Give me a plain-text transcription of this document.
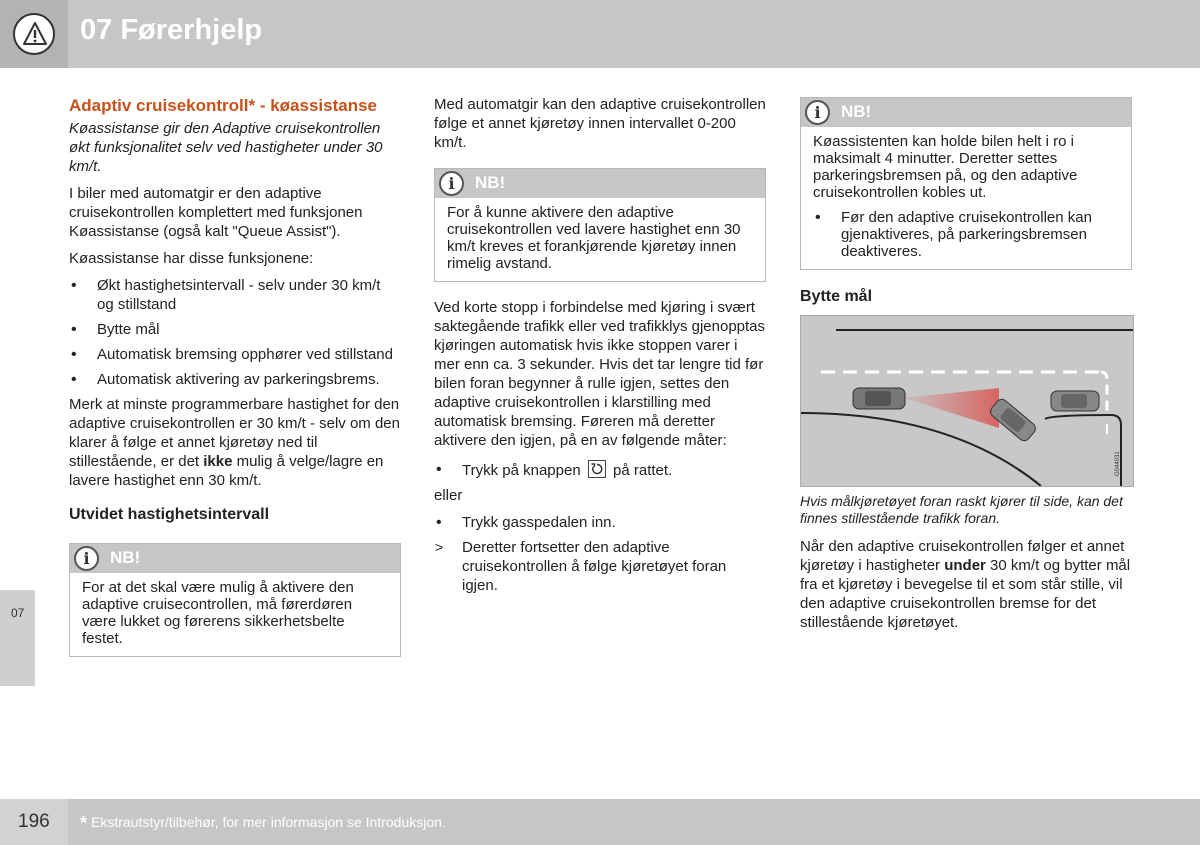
07 Førerhjelp
07
Adaptiv cruisekontroll* - køassistanse

Køassistanse gir den Adaptive cruisekontrollen økt funksjonalitet selv ved hastigheter under 30 km/t.

I biler med automatgir er den adaptive cruisekontrollen komplettert med funksjonen Køassistanse (også kalt "Queue Assist").

Køassistanse har disse funksjonene:

• Økt hastighetsintervall - selv under 30 km/t og stillstand
• Bytte mål
• Automatisk bremsing opphører ved stillstand
• Automatisk aktivering av parkeringsbrems.

Merk at minste programmerbare hastighet for den adaptive cruisekontrollen er 30 km/t - selv om den klarer å følge et annet kjøretøy ned til stillestående, er det ikke mulig å velge/lagre en lavere hastighet enn 30 km/t.

Utvidet hastighetsintervall
i	NB!
For at det skal være mulig å aktivere den adaptive cruisecontrollen, må førerdøren være lukket og førerens sikkerhetsbelte festet.

Med automatgir kan den adaptive cruisekontrollen følge et annet kjøretøy innen intervallet 0-200 km/t.

i	NB!
For å kunne aktivere den adaptive cruisekontrollen ved lavere hastighet enn 30 km/t kreves et forankjørende kjøretøy innen rimelig avstand.

Ved korte stopp i forbindelse med kjøring i svært saktegående trafikk eller ved trafikklys gjenopptas kjøringen automatisk hvis ikke stoppen varer i mer enn ca. 3 sekunder. Hvis det tar lengre tid før bilen foran begynner å rulle igjen, settes den adaptive cruisekontrollen i klarstilling med automatisk bremsing. Føreren må deretter aktivere den igjen, på en av følgende måter:

• Trykk på knappen på rattet.

eller

• Trykk gasspedalen inn.
> Deretter fortsetter den adaptive cruisekontrollen å følge kjøretøyet foran igjen.
i	NB!
Køassistenten kan holde bilen helt i ro i maksimalt 4 minutter. Deretter settes parkeringsbremsen på, og den adaptive cruisekontrollen kobles ut.
• Før den adaptive cruisekontrollen kan gjenaktiveres, på parkeringsbremsen deaktiveres.
Bytte mål
G044031

Hvis målkjøretøyet foran raskt kjører til side, kan det finnes stillestående trafikk foran.

Når den adaptive cruisekontrollen følger et annet kjøretøy i hastigheter under 30 km/t og bytter mål fra et kjøretøy i bevegelse til et som står stille, vil den adaptive cruisekontrollen bremse for det stillestående kjøretøyet.

196 * Ekstrautstyr/tilbehør, for mer informasjon se Introduksjon.
